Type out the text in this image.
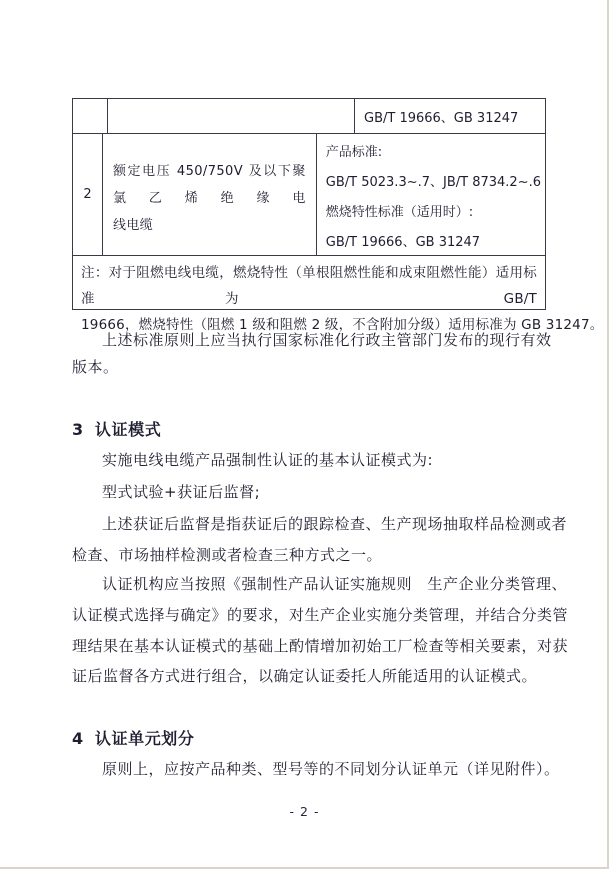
GB/T 19666、GB 31247
2
额定电压 450/750V 及以下聚氯乙烯绝缘电
线电缆
产品标准:
GB/T 5023.3~.7、JB/T 8734.2~.6
燃烧特性标准（适用时）:
GB/T 19666、GB 31247
注：对于阻燃电线电缆，燃烧特性（单根阻燃性能和成束阻燃性能）适用标准为 GB/T
19666，燃烧特性（阻燃 1 级和阻燃 2 级，不含附加分级）适用标准为 GB 31247。
上述标准原则上应当执行国家标准化行政主管部门发布的现行有效
版本。
3 认证模式
实施电线电缆产品强制性认证的基本认证模式为:
型式试验+获证后监督;
上述获证后监督是指获证后的跟踪检查、生产现场抽取样品检测或者
检查、市场抽样检测或者检查三种方式之一。
认证机构应当按照《强制性产品认证实施规则　生产企业分类管理、
认证模式选择与确定》的要求，对生产企业实施分类管理，并结合分类管
理结果在基本认证模式的基础上酌情增加初始工厂检查等相关要素，对获
证后监督各方式进行组合，以确定认证委托人所能适用的认证模式。
4 认证单元划分
原则上，应按产品种类、型号等的不同划分认证单元（详见附件）。
- 2 -
